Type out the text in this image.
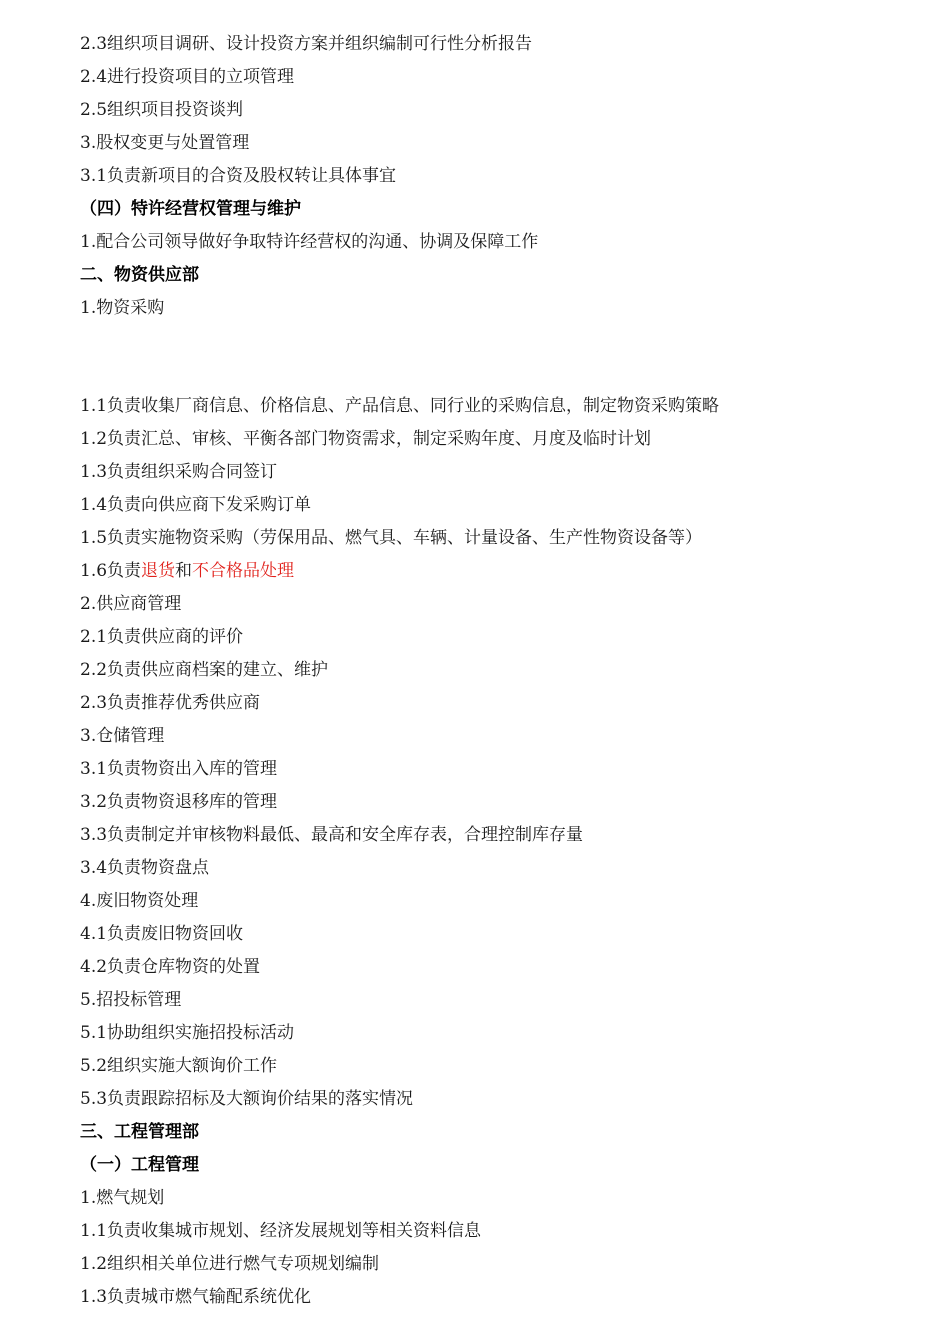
2.3组织项目调研、设计投资方案并组织编制可行性分析报告
2.4进行投资项目的立项管理
2.5组织项目投资谈判
3.股权变更与处置管理
3.1负责新项目的合资及股权转让具体事宜
（四）特许经营权管理与维护
1.配合公司领导做好争取特许经营权的沟通、协调及保障工作
二、物资供应部
1.物资采购
1.1负责收集厂商信息、价格信息、产品信息、同行业的采购信息，制定物资采购策略
1.2负责汇总、审核、平衡各部门物资需求，制定采购年度、月度及临时计划
1.3负责组织采购合同签订
1.4负责向供应商下发采购订单
1.5负责实施物资采购（劳保用品、燃气具、车辆、计量设备、生产性物资设备等）
1.6负责退货和不合格品处理
2.供应商管理
2.1负责供应商的评价
2.2负责供应商档案的建立、维护
2.3负责推荐优秀供应商
3.仓储管理
3.1负责物资出入库的管理
3.2负责物资退移库的管理
3.3负责制定并审核物料最低、最高和安全库存表，合理控制库存量
3.4负责物资盘点
4.废旧物资处理
4.1负责废旧物资回收
4.2负责仓库物资的处置
5.招投标管理
5.1协助组织实施招投标活动
5.2组织实施大额询价工作
5.3负责跟踪招标及大额询价结果的落实情况
三、工程管理部
（一）工程管理
1.燃气规划
1.1负责收集城市规划、经济发展规划等相关资料信息
1.2组织相关单位进行燃气专项规划编制
1.3负责城市燃气输配系统优化
